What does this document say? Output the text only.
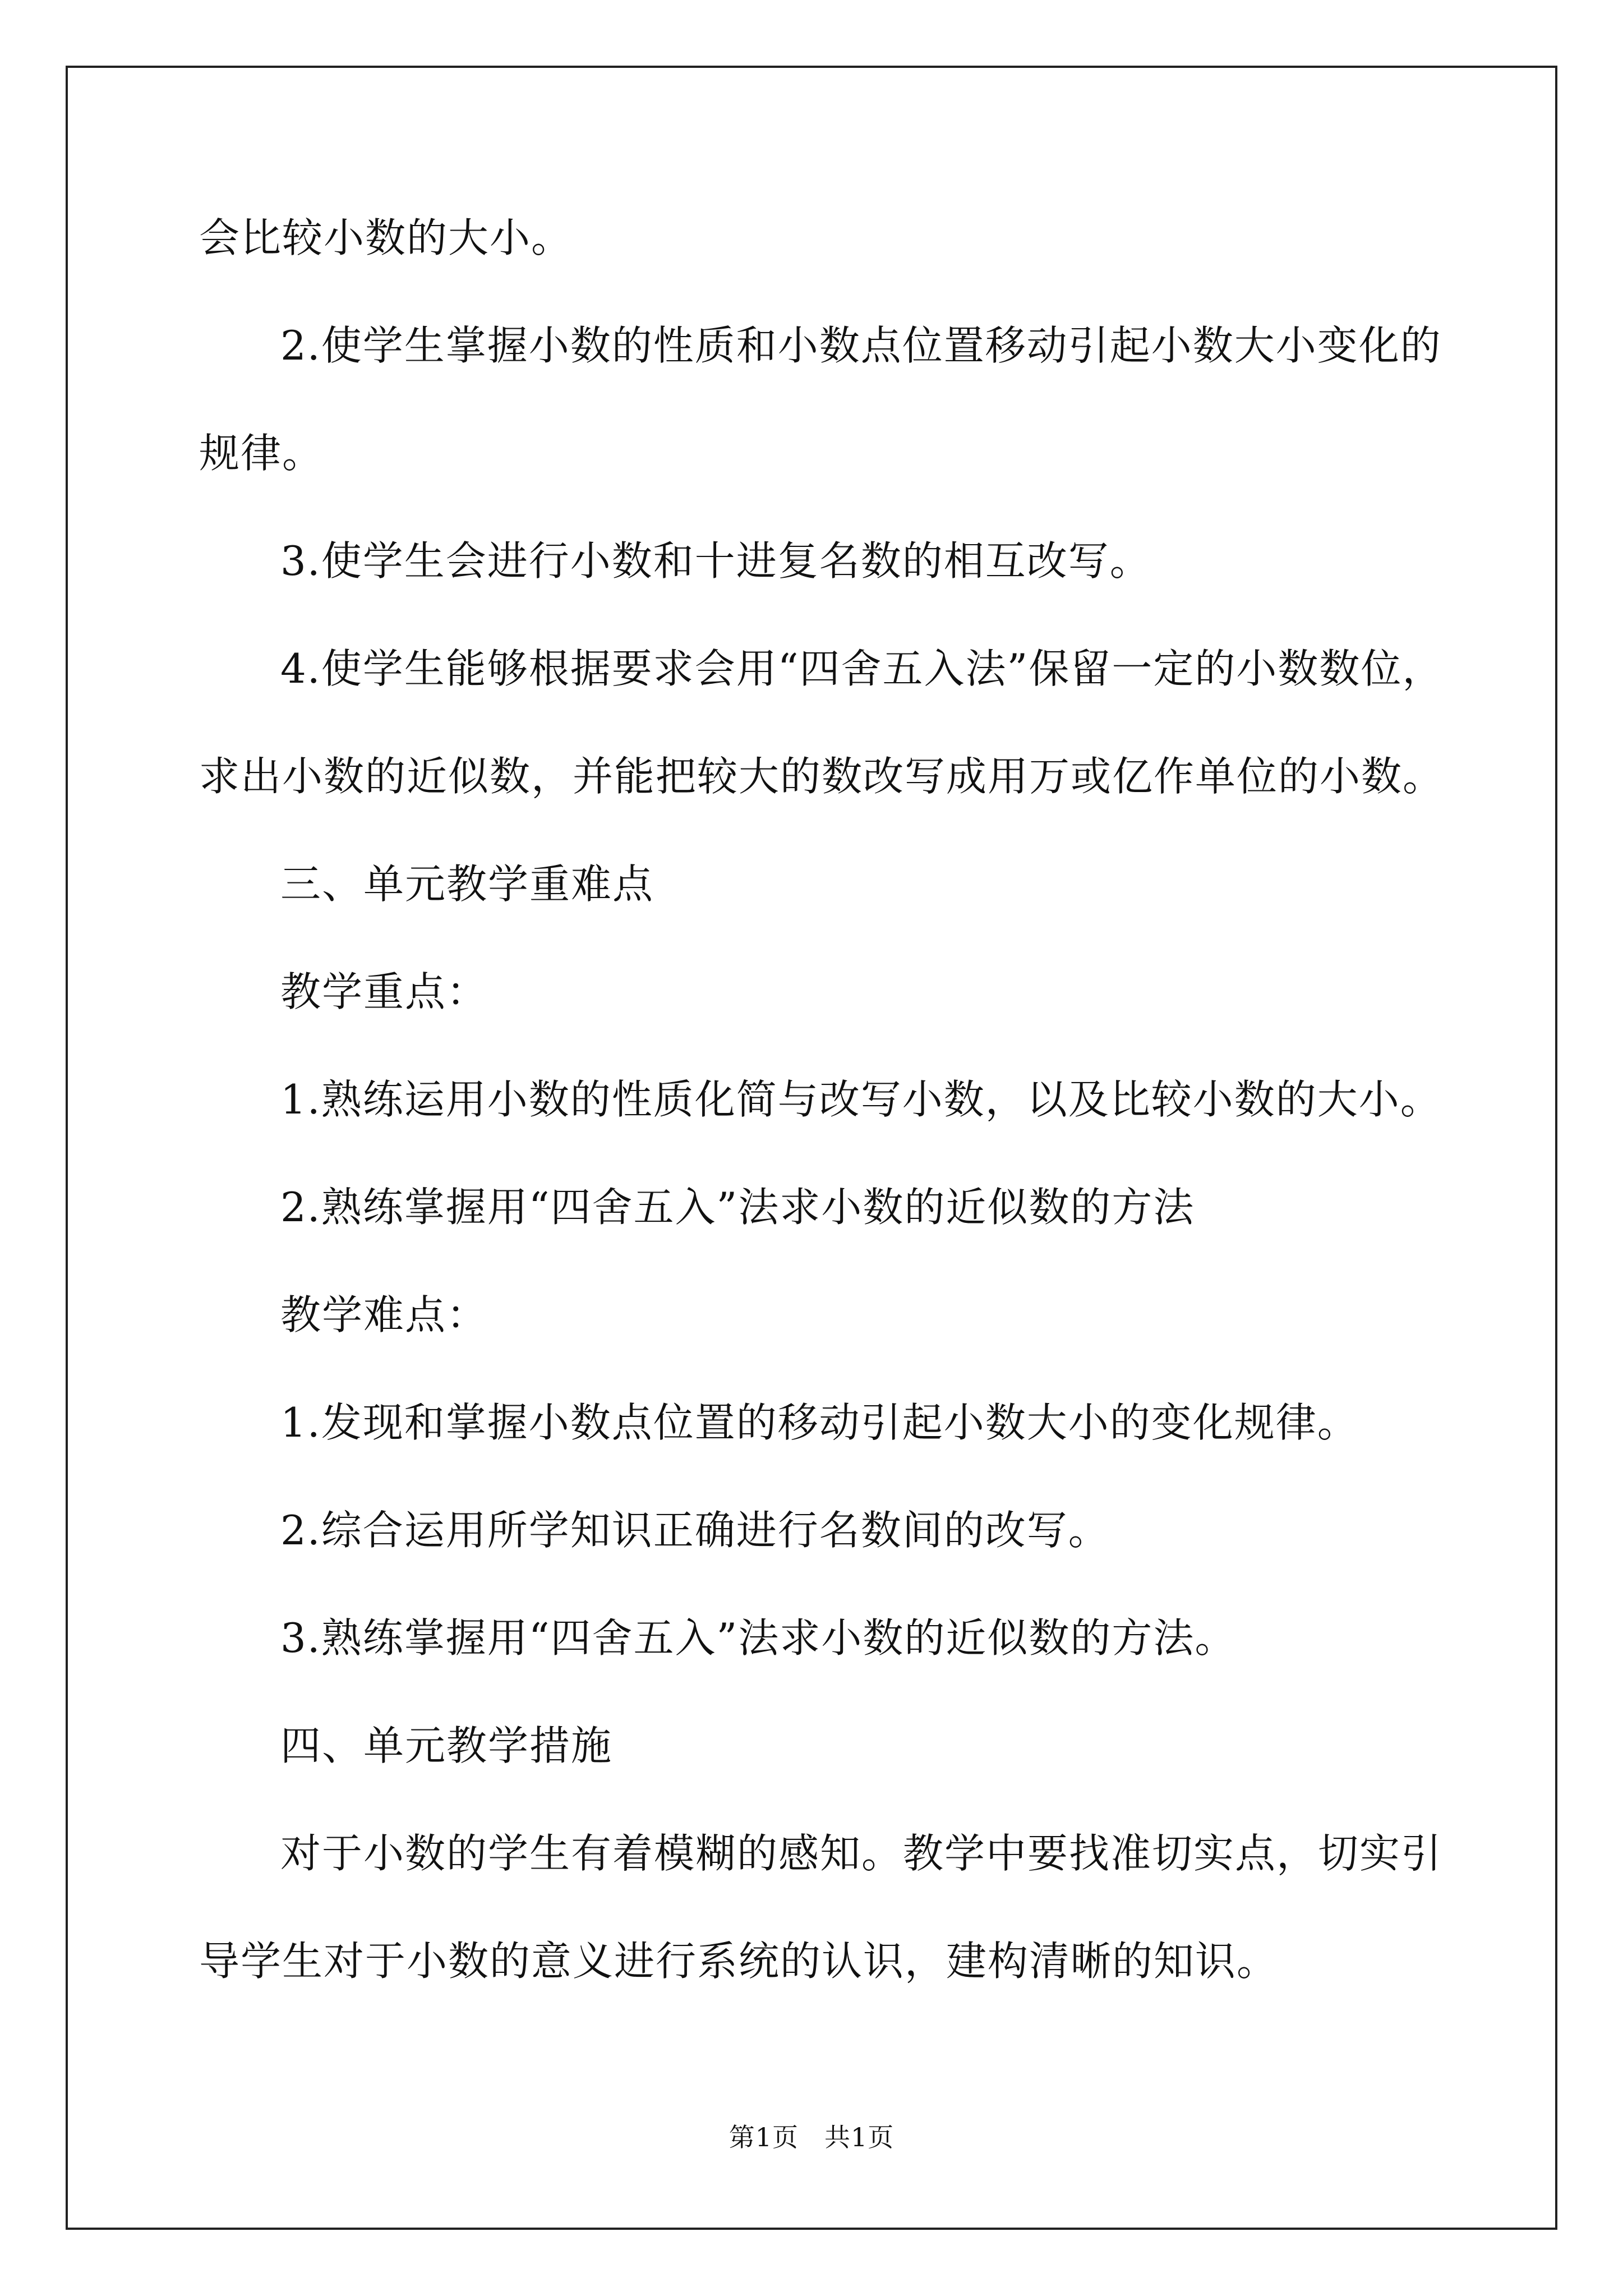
会比较小数的大小。
2.使学生掌握小数的性质和小数点位置移动引起小数大小变化的
规律。
3.使学生会进行小数和十进复名数的相互改写。
4.使学生能够根据要求会用“四舍五入法”保留一定的小数数位，
求出小数的近似数，并能把较大的数改写成用万或亿作单位的小数。
三、单元教学重难点
教学重点：
1.熟练运用小数的性质化简与改写小数，以及比较小数的大小。
2.熟练掌握用“四舍五入”法求小数的近似数的方法
教学难点：
1.发现和掌握小数点位置的移动引起小数大小的变化规律。
2.综合运用所学知识正确进行名数间的改写。
3.熟练掌握用“四舍五入”法求小数的近似数的方法。
四、单元教学措施
对于小数的学生有着模糊的感知。教学中要找准切实点，切实引
导学生对于小数的意义进行系统的认识，建构清晰的知识。
第1页 共1页
